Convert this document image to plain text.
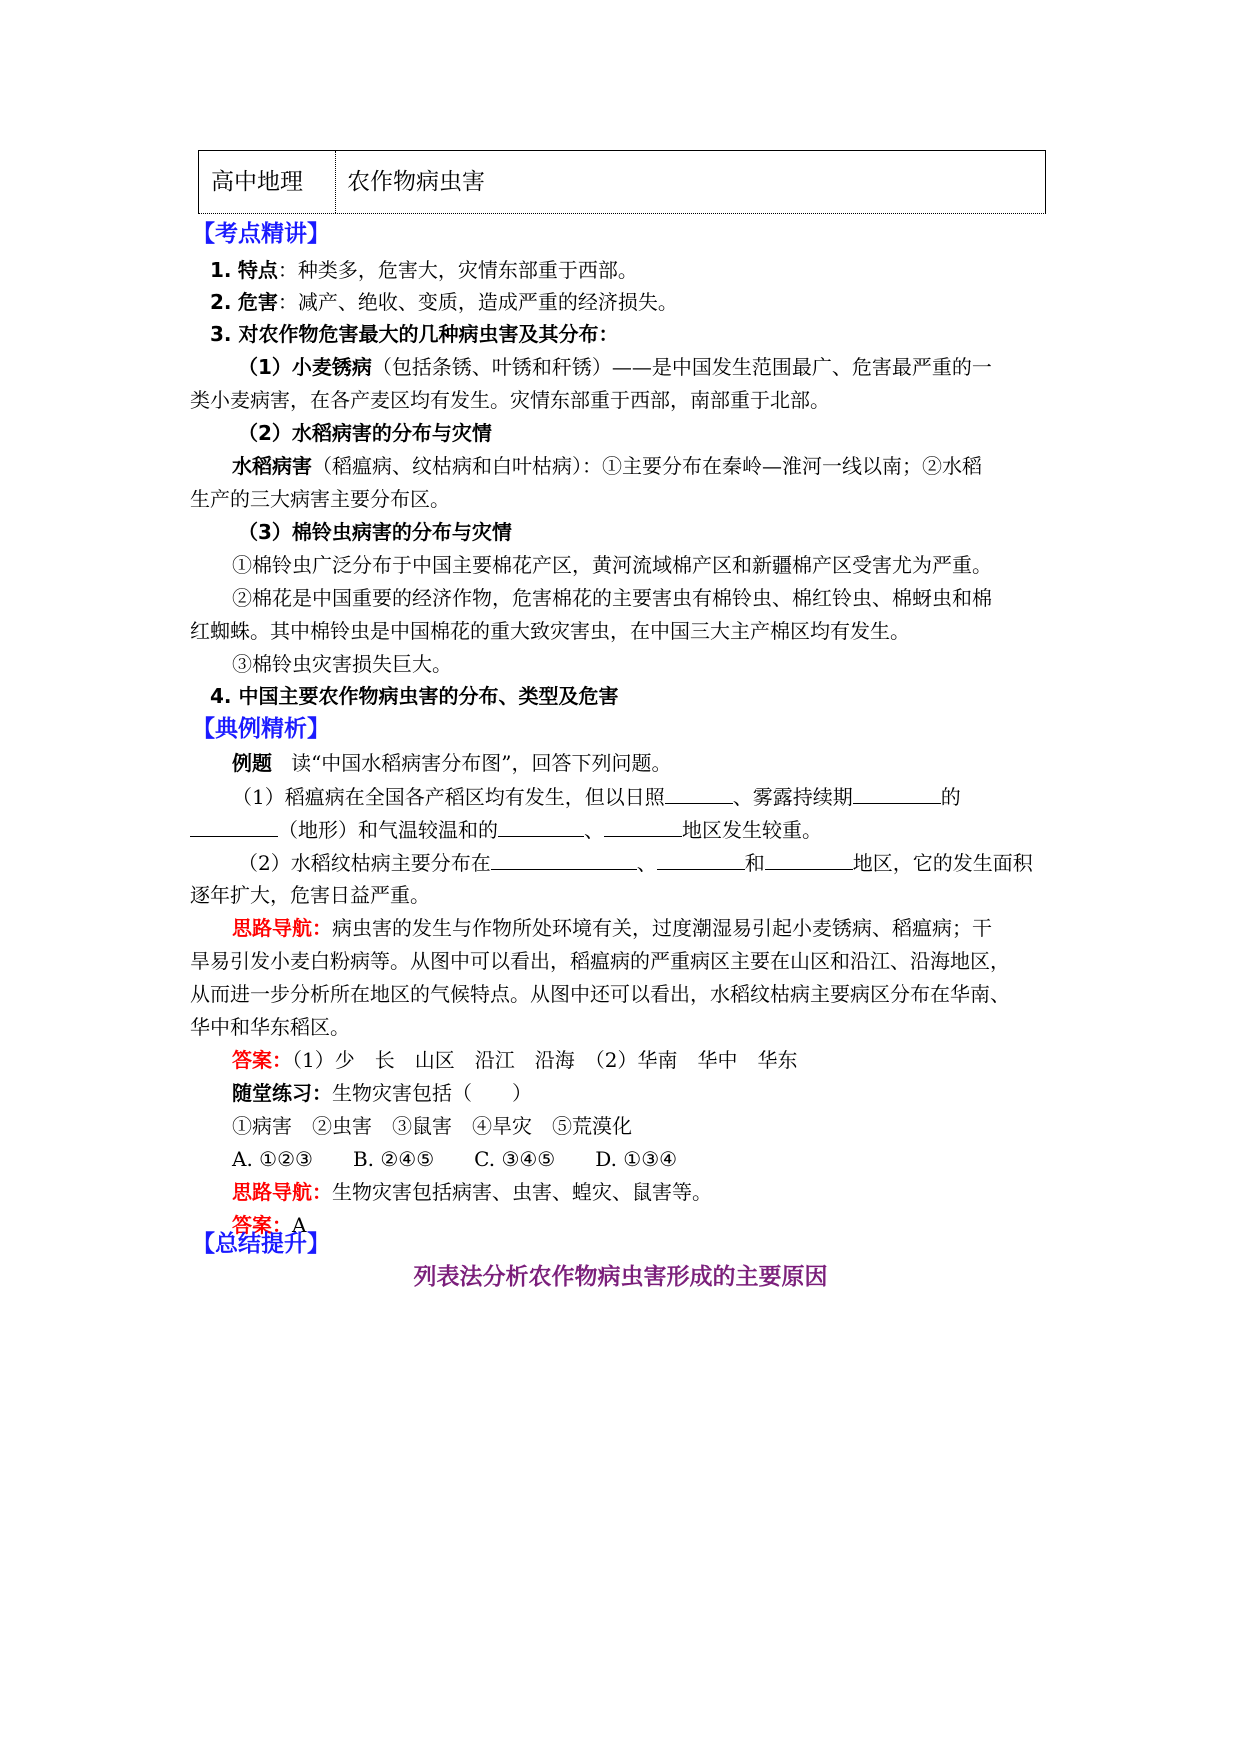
高中地理 农作物病虫害
【考点精讲】
1. 特点：种类多，危害大，灾情东部重于西部。
2. 危害：减产、绝收、变质，造成严重的经济损失。
3. 对农作物危害最大的几种病虫害及其分布：
（1）小麦锈病（包括条锈、叶锈和秆锈）——是中国发生范围最广、危害最严重的一
类小麦病害，在各产麦区均有发生。灾情东部重于西部，南部重于北部。
（2）水稻病害的分布与灾情
水稻病害（稻瘟病、纹枯病和白叶枯病）：①主要分布在秦岭—淮河一线以南；②水稻
生产的三大病害主要分布区。
（3）棉铃虫病害的分布与灾情
①棉铃虫广泛分布于中国主要棉花产区，黄河流域棉产区和新疆棉产区受害尤为严重。
②棉花是中国重要的经济作物，危害棉花的主要害虫有棉铃虫、棉红铃虫、棉蚜虫和棉
红蜘蛛。其中棉铃虫是中国棉花的重大致灾害虫，在中国三大主产棉区均有发生。
③棉铃虫灾害损失巨大。
4. 中国主要农作物病虫害的分布、类型及危害
【典例精析】
例题 读“中国水稻病害分布图”，回答下列问题。
（1）稻瘟病在全国各产稻区均有发生，但以日照	、雾露持续期	的
（地形）和气温较温和的	、	地区发生较重。
（2）水稻纹枯病主要分布在	、	和	地区，它的发生面积
逐年扩大，危害日益严重。
思路导航：病虫害的发生与作物所处环境有关，过度潮湿易引起小麦锈病、稻瘟病；干
旱易引发小麦白粉病等。从图中可以看出，稻瘟病的严重病区主要在山区和沿江、沿海地区，
从而进一步分析所在地区的气候特点。从图中还可以看出，水稻纹枯病主要病区分布在华南、
华中和华东稻区。
答案：（1）少　长　山区　沿江　沿海　（2）华南　华中　华东
随堂练习：生物灾害包括（　　）
①病害　②虫害　③鼠害　④旱灾　⑤荒漠化
A. ①②③　　B. ②④⑤　　C. ③④⑤　　D. ①③④
思路导航：生物灾害包括病害、虫害、蝗灾、鼠害等。
答案：A
【总结提升】
列表法分析农作物病虫害形成的主要原因
